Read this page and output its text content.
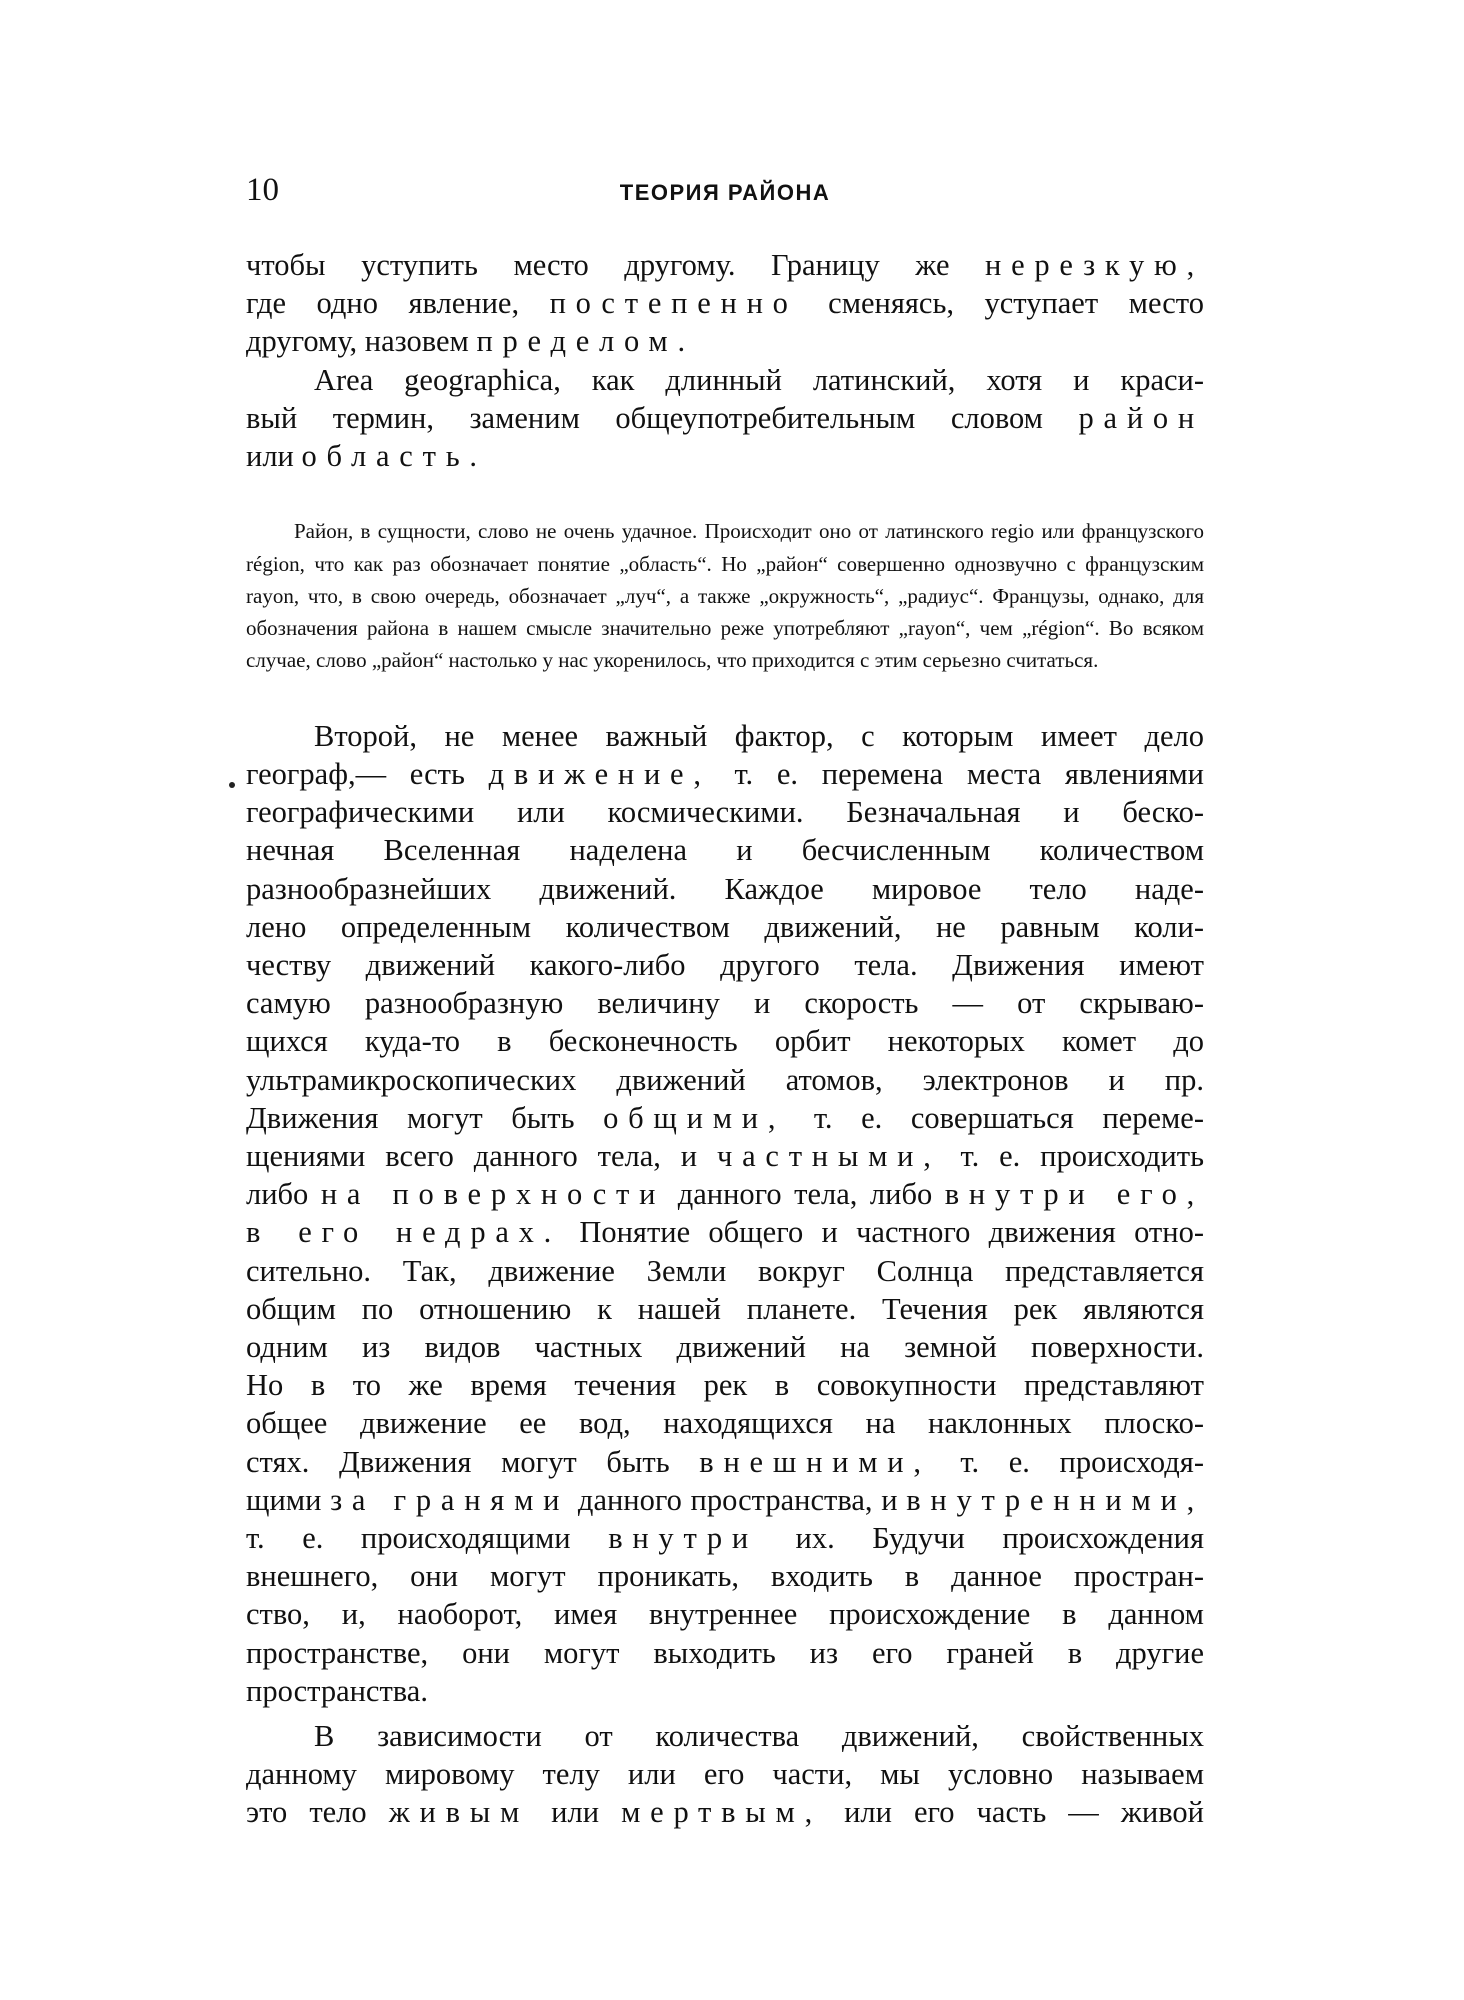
10	ТЕОРИЯ РАЙОНА

чтобы уступить место другому. Границу же нерезкую,

где одно явление, постепенно сменяясь, уступает место

другому, назовем пределом.

Area geographica, как длинный латинский, хотя и краси-

вый термин, заменим общеупотребительным словом район

или область.

Район, в сущности, слово не очень удачное. Происходит оно от латинского regio или французского région, что как раз обозначает понятие „область“. Но „район“ совершенно однозвучно с французским rayon, что, в свою очередь, обозначает „луч“, а также „окружность“, „радиус“. Французы, однако, для обозначения района в нашем смысле значительно реже употребляют „rayon“, чем „région“. Во всяком случае, слово „район“ настолько у нас укоренилось, что приходится с этим серьезно считаться.

Второй, не менее важный фактор, с которым имеет дело

географ,— есть движение, т. е. перемена места явлениями

географическими или космическими. Безначальная и беско-

нечная Вселенная наделена и бесчисленным количеством

разнообразнейших движений. Каждое мировое тело наде-

лено определенным количеством движений, не равным коли-

честву движений какого-либо другого тела. Движения имеют

самую разнообразную величину и скорость — от скрываю-

щихся куда-то в бесконечность орбит некоторых комет до

ультрамикроскопических движений атомов, электронов и пр.

Движения могут быть общими, т. е. совершаться переме-

щениями всего данного тела, и частными, т. е. происходить

либо на поверхности данного тела, либо внутри его,

в его недрах. Понятие общего и частного движения отно-

сительно. Так, движение Земли вокруг Солнца представляется

общим по отношению к нашей планете. Течения рек являются

одним из видов частных движений на земной поверхности.

Но в то же время течения рек в совокупности представляют

общее движение ее вод, находящихся на наклонных плоско-

стях. Движения могут быть внешними, т. е. происходя-

щими за гранями данного пространства, и внутренними,

т. е. происходящими внутри их. Будучи происхождения

внешнего, они могут проникать, входить в данное простран-

ство, и, наоборот, имея внутреннее происхождение в данном

пространстве, они могут выходить из его граней в другие

пространства.

В зависимости от количества движений, свойственных

данному мировому телу или его части, мы условно называем

это тело живым или мертвым, или его часть — живой
